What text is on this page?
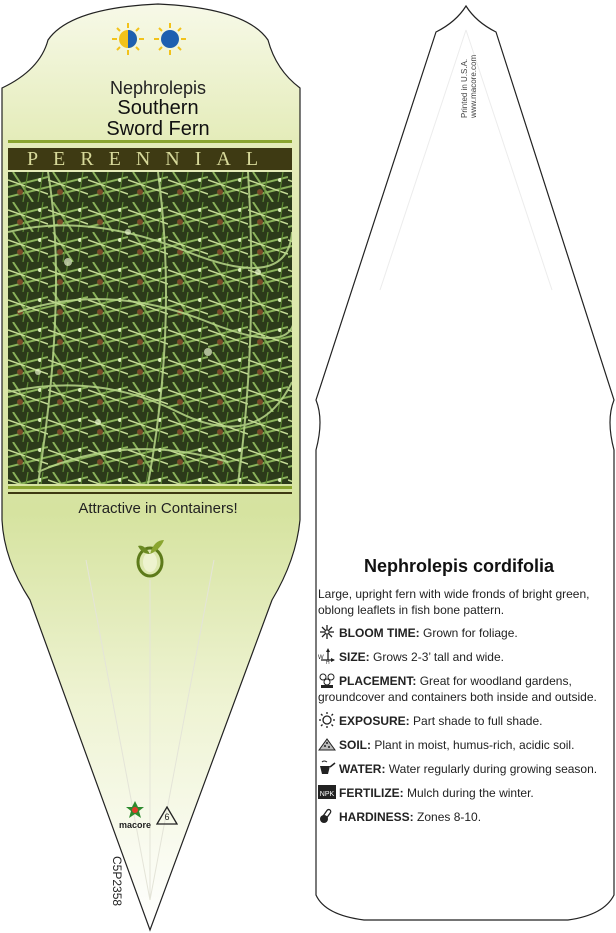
Nephrolepis
Southern
Sword Fern
PERENNIAL
Attractive in Containers!
macore
6
C5P2358
Printed in U.S.A. www.macore.com
Nephrolepis cordifolia

Large, upright fern with wide fronds of bright green, oblong leaflets in fish bone pattern.

BLOOM TIME: Grown for foliage.
W
H SIZE: Grows 2-3’ tall and wide.
PLACEMENT: Great for woodland gardens, groundcover and containers both inside and outside.
EXPOSURE: Part shade to full shade.
SOIL: Plant in moist, humus-rich, acidic soil.
WATER: Water regularly during growing season.
NPK FERTILIZE: Mulch during the winter.
HARDINESS: Zones 8-10.
